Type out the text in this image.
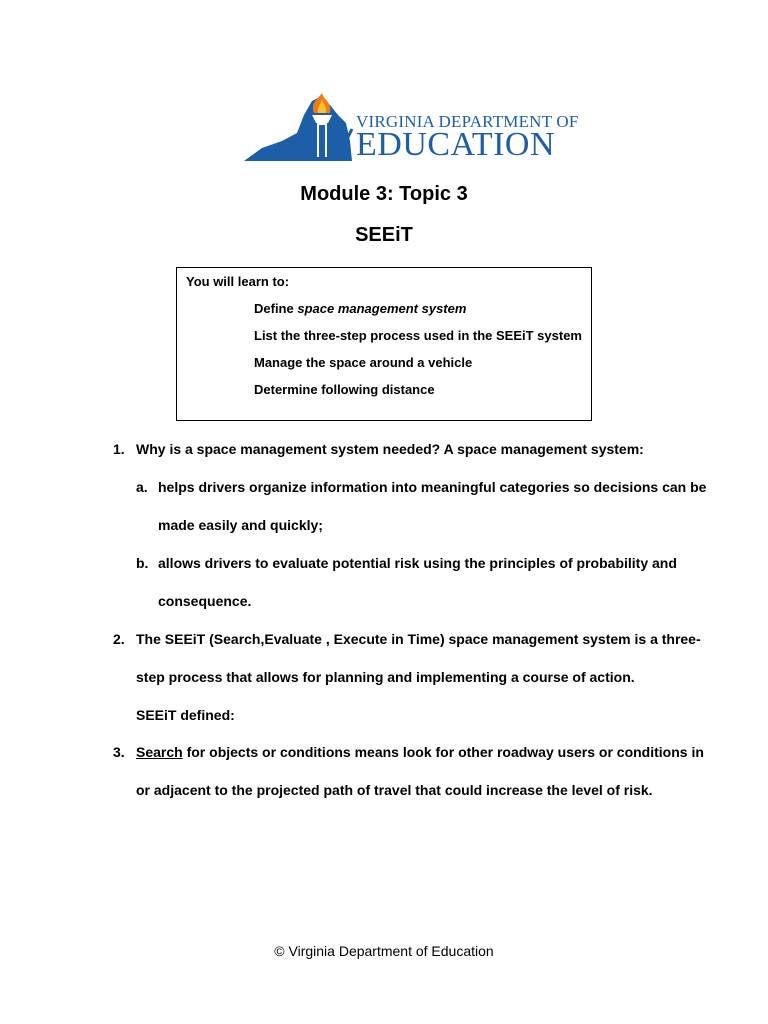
VIRGINIA DEPARTMENT OF
EDUCATION
Module 3: Topic 3
SEEiT
You will learn to:
Define space management system
List the three-step process used in the SEEiT system
Manage the space around a vehicle
Determine following distance
1. Why is a space management system needed? A space management system:
a. helps drivers organize information into meaningful categories so decisions can be
made easily and quickly;
b. allows drivers to evaluate potential risk using the principles of probability and
consequence.
2. The SEEiT (Search,Evaluate , Execute in Time) space management system is a three-
step process that allows for planning and implementing a course of action.
SEEiT defined:
3. Search for objects or conditions means look for other roadway users or conditions in
or adjacent to the projected path of travel that could increase the level of risk.
© Virginia Department of Education
